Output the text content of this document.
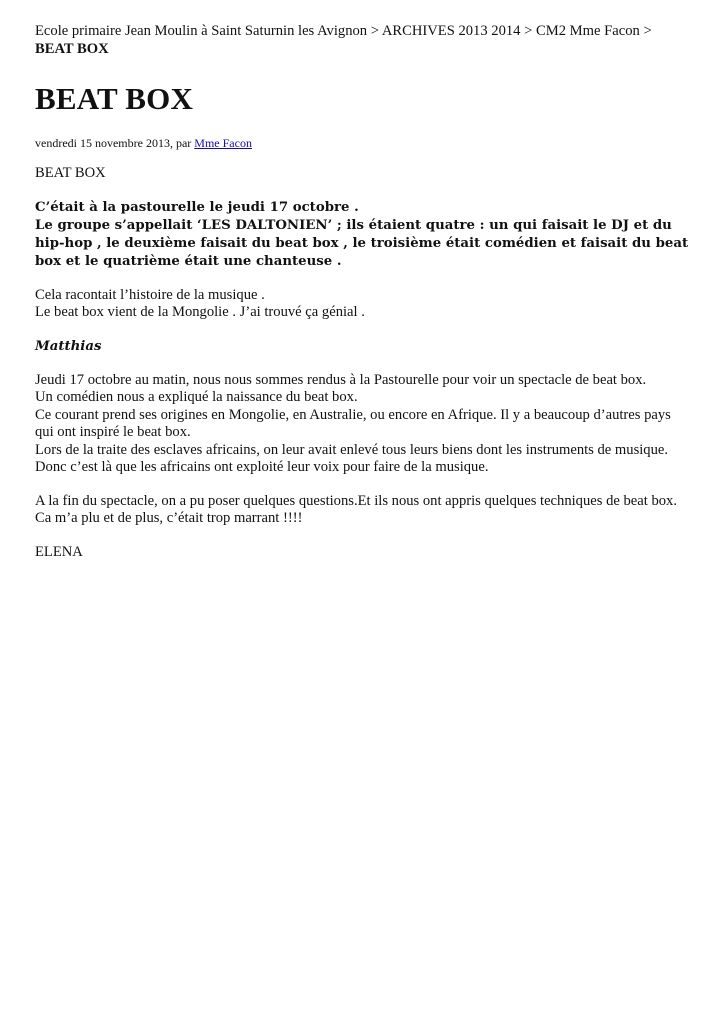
Ecole primaire Jean Moulin à Saint Saturnin les Avignon > ARCHIVES 2013 2014 > CM2 Mme Facon >
BEAT BOX
BEAT BOX
vendredi 15 novembre 2013, par Mme Facon

BEAT BOX

C’était à la pastourelle le jeudi 17 octobre .
Le groupe s’appellait ‘LES DALTONIEN’ ; ils étaient quatre : un qui faisait le DJ et du hip-hop , le deuxième faisait du beat box , le troisième était comédien et faisait du beat box et le quatrième était une chanteuse .

Cela racontait l’histoire de la musique .
Le beat box vient de la Mongolie . J’ai trouvé ça génial .

Matthias

Jeudi 17 octobre au matin, nous nous sommes rendus à la Pastourelle pour voir un spectacle de beat box.
Un comédien nous a expliqué la naissance du beat box.
Ce courant prend ses origines en Mongolie, en Australie, ou encore en Afrique. Il y a beaucoup d’autres pays qui ont inspiré le beat box.
Lors de la traite des esclaves africains, on leur avait enlevé tous leurs biens dont les instruments de musique. Donc c’est là que les africains ont exploité leur voix pour faire de la musique.

A la fin du spectacle, on a pu poser quelques questions.Et ils nous ont appris quelques techniques de beat box.
Ca m’a plu et de plus, c’était trop marrant !!!!

ELENA
